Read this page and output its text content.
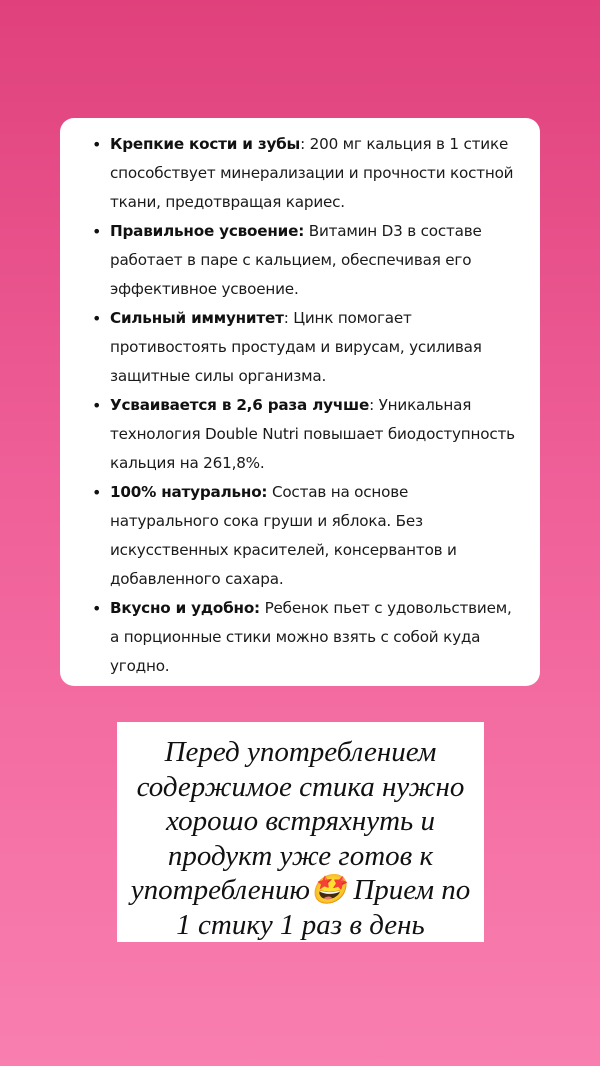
• Крепкие кости и зубы: 200 мг кальция в 1 стике
способствует минерализации и прочности костной
ткани, предотвращая кариес.
• Правильное усвоение: Витамин D3 в составе
работает в паре с кальцием, обеспечивая его
эффективное усвоение.
• Сильный иммунитет: Цинк помогает
противостоять простудам и вирусам, усиливая
защитные силы организма.
• Усваивается в 2,6 раза лучше: Уникальная
технология Double Nutri повышает биодоступность
кальция на 261,8%.
• 100% натурально: Состав на основе
натурального сока груши и яблока. Без
искусственных красителей, консервантов и
добавленного сахара.
• Вкусно и удобно: Ребенок пьет с удовольствием,
а порционные стики можно взять с собой куда
угодно.
Перед употреблением
содержимое стика нужно
хорошо встряхнуть и
продукт уже готов к
употреблению🤩 Прием по
1 стику 1 раз в день
